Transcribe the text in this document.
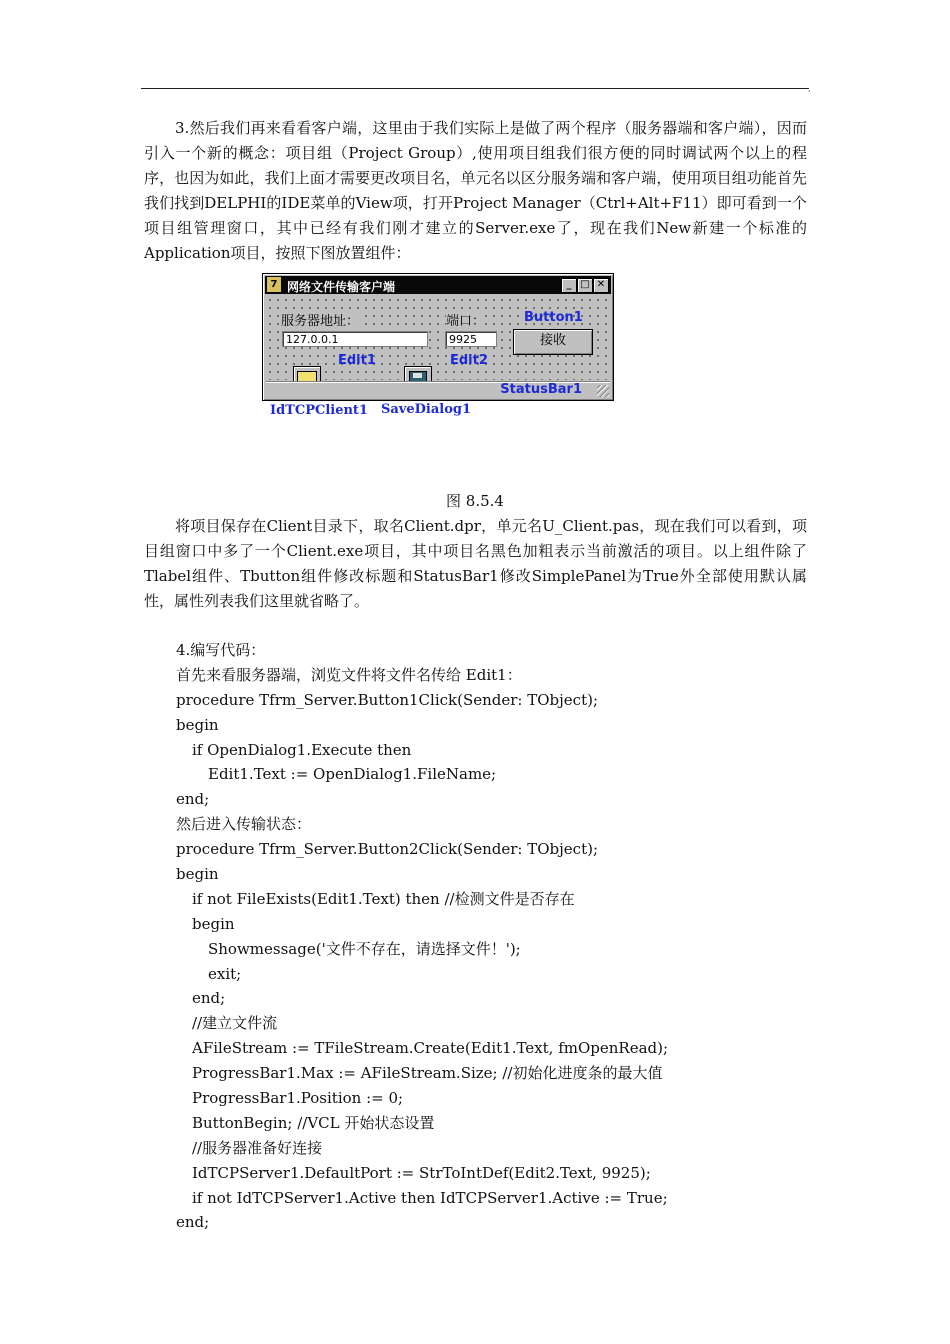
,
3.然后我们再来看看客户端，这里由于我们实际上是做了两个程序（服务器端和客户端），因而引入一个新的概念：项目组（Project Group）,使用项目组我们很方便的同时调试两个以上的程序，也因为如此，我们上面才需要更改项目名，单元名以区分服务端和客户端，使用项目组功能首先我们找到DELPHI的IDE菜单的View项，打开Project Manager（Ctrl+Alt+F11）即可看到一个项目组管理窗口，其中已经有我们刚才建立的Server.exe了，现在我们New新建一个标准的Application项目，按照下图放置组件：
7 网络文件传输客户端	_ □ ✕
服务器地址：	端口：	Button1
127.0.0.1	9925	接收
Edit1	Edit2
StatusBar1
IdTCPClient1 SaveDialog1
图 8.5.4
将项目保存在Client目录下，取名Client.dpr，单元名U_Client.pas，现在我们可以看到，项目组窗口中多了一个Client.exe项目，其中项目名黑色加粗表示当前激活的项目。以上组件除了Tlabel组件、Tbutton组件修改标题和StatusBar1修改SimplePanel为True外全部使用默认属性，属性列表我们这里就省略了。
4.编写代码：
首先来看服务器端，浏览文件将文件名传给 Edit1：
procedure Tfrm_Server.Button1Click(Sender: TObject);
begin
if OpenDialog1.Execute then
Edit1.Text := OpenDialog1.FileName;
end;
然后进入传输状态：
procedure Tfrm_Server.Button2Click(Sender: TObject);
begin
if not FileExists(Edit1.Text) then //检测文件是否存在
begin
Showmessage('文件不存在，请选择文件！');
exit;
end;
//建立文件流
AFileStream := TFileStream.Create(Edit1.Text, fmOpenRead);
ProgressBar1.Max := AFileStream.Size; //初始化进度条的最大值
ProgressBar1.Position := 0;
ButtonBegin; //VCL 开始状态设置
//服务器准备好连接
IdTCPServer1.DefaultPort := StrToIntDef(Edit2.Text, 9925);
if not IdTCPServer1.Active then IdTCPServer1.Active := True;
end;
